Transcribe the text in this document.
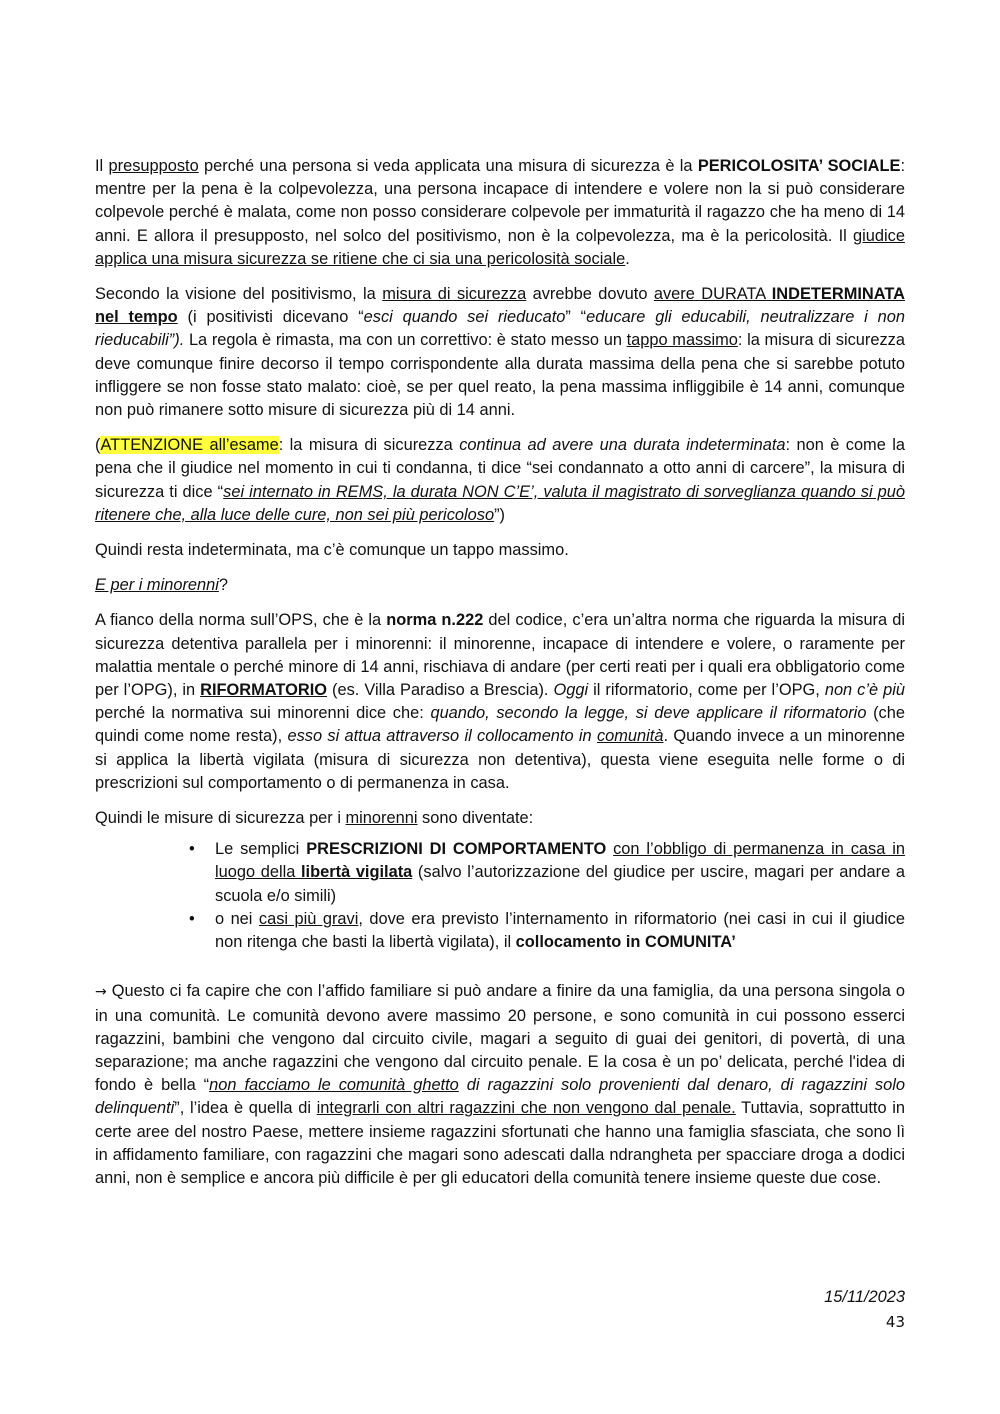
Il presupposto perché una persona si veda applicata una misura di sicurezza è la PERICOLOSITA’ SOCIALE: mentre per la pena è la colpevolezza, una persona incapace di intendere e volere non la si può considerare colpevole perché è malata, come non posso considerare colpevole per immaturità il ragazzo che ha meno di 14 anni. E allora il presupposto, nel solco del positivismo, non è la colpevolezza, ma è la pericolosità. Il giudice applica una misura sicurezza se ritiene che ci sia una pericolosità sociale.

Secondo la visione del positivismo, la misura di sicurezza avrebbe dovuto avere DURATA INDETERMINATA nel tempo (i positivisti dicevano “esci quando sei rieducato” “educare gli educabili, neutralizzare i non rieducabili”). La regola è rimasta, ma con un correttivo: è stato messo un tappo massimo: la misura di sicurezza deve comunque finire decorso il tempo corrispondente alla durata massima della pena che si sarebbe potuto infliggere se non fosse stato malato: cioè, se per quel reato, la pena massima infliggibile è 14 anni, comunque non può rimanere sotto misure di sicurezza più di 14 anni.

(ATTENZIONE all’esame: la misura di sicurezza continua ad avere una durata indeterminata: non è come la pena che il giudice nel momento in cui ti condanna, ti dice “sei condannato a otto anni di carcere”, la misura di sicurezza ti dice “sei internato in REMS, la durata NON C’E’, valuta il magistrato di sorveglianza quando si può ritenere che, alla luce delle cure, non sei più pericoloso”)

Quindi resta indeterminata, ma c’è comunque un tappo massimo.

E per i minorenni?

A fianco della norma sull’OPS, che è la norma n.222 del codice, c’era un’altra norma che riguarda la misura di sicurezza detentiva parallela per i minorenni: il minorenne, incapace di intendere e volere, o raramente per malattia mentale o perché minore di 14 anni, rischiava di andare (per certi reati per i quali era obbligatorio come per l’OPG), in RIFORMATORIO (es. Villa Paradiso a Brescia). Oggi il riformatorio, come per l’OPG, non c’è più perché la normativa sui minorenni dice che: quando, secondo la legge, si deve applicare il riformatorio (che quindi come nome resta), esso si attua attraverso il collocamento in comunità. Quando invece a un minorenne si applica la libertà vigilata (misura di sicurezza non detentiva), questa viene eseguita nelle forme o di prescrizioni sul comportamento o di permanenza in casa.

Quindi le misure di sicurezza per i minorenni sono diventate:

• Le semplici PRESCRIZIONI DI COMPORTAMENTO con l’obbligo di permanenza in casa in luogo della libertà vigilata (salvo l’autorizzazione del giudice per uscire, magari per andare a scuola e/o simili)
• o nei casi più gravi, dove era previsto l’internamento in riformatorio (nei casi in cui il giudice non ritenga che basti la libertà vigilata), il collocamento in COMUNITA’

→ Questo ci fa capire che con l’affido familiare si può andare a finire da una famiglia, da una persona singola o in una comunità. Le comunità devono avere massimo 20 persone, e sono comunità in cui possono esserci ragazzini, bambini che vengono dal circuito civile, magari a seguito di guai dei genitori, di povertà, di una separazione; ma anche ragazzini che vengono dal circuito penale. E la cosa è un po’ delicata, perché l'idea di fondo è bella “non facciamo le comunità ghetto di ragazzini solo provenienti dal denaro, di ragazzini solo delinquenti”, l’idea è quella di integrarli con altri ragazzini che non vengono dal penale. Tuttavia, soprattutto in certe aree del nostro Paese, mettere insieme ragazzini sfortunati che hanno una famiglia sfasciata, che sono lì in affidamento familiare, con ragazzini che magari sono adescati dalla ndrangheta per spacciare droga a dodici anni, non è semplice e ancora più difficile è per gli educatori della comunità tenere insieme queste due cose.

15/11/2023
43
